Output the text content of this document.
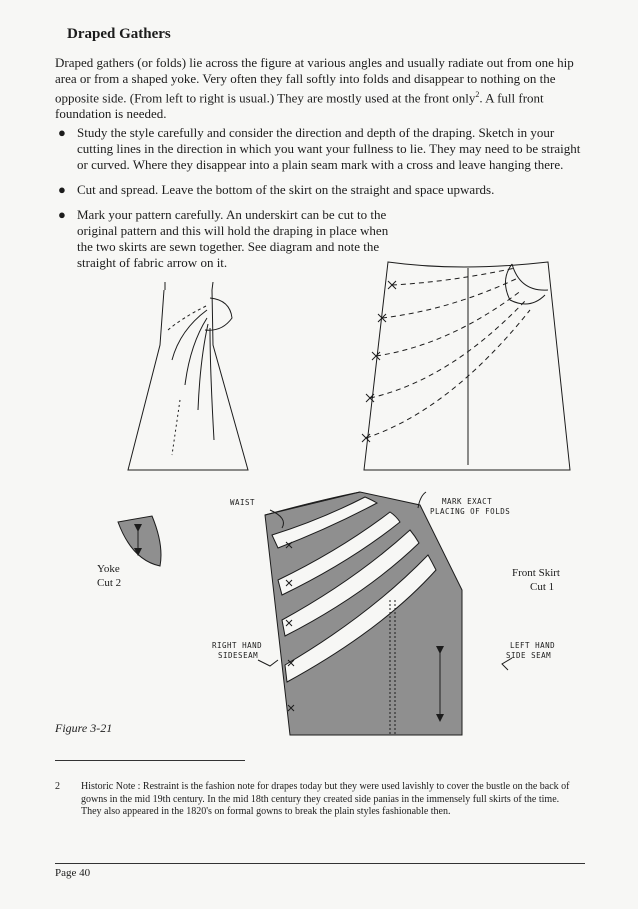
Draped Gathers
Draped gathers (or folds) lie across the figure at various angles and usually radiate out from one hip area or from a shaped yoke. Very often they fall softly into folds and disappear to nothing on the opposite side. (From left to right is usual.) They are mostly used at the front only$^2$. A full front foundation is needed.
● Study the style carefully and consider the direction and depth of the draping. Sketch in your cutting lines in the direction in which you want your fullness to lie. They may need to be straight or curved. Where they disappear into a plain seam mark with a cross and leave hanging there.
● Cut and spread. Leave the bottom of the skirt on the straight and space upwards.
● Mark your pattern carefully. An underskirt can be cut to the original pattern and this will hold the draping in place when the two skirts are sewn together. See diagram and note the straight of fabric arrow on it.
Yoke
Cut 2
Front Skirt
Cut 1
WAIST	MARK EXACT
PLACING OF FOLDS
RIGHT HAND
SIDESEAM
LEFT HAND
SIDE SEAM
Figure 3-21
2 Historic Note : Restraint is the fashion note for drapes today but they were used lavishly to cover the bustle on the back of gowns in the mid 19th century. In the mid 18th century they created side panias in the immensely full skirts of the time. They also appeared in the 1820's on formal gowns to break the plain styles fashionable then.
Page 40
